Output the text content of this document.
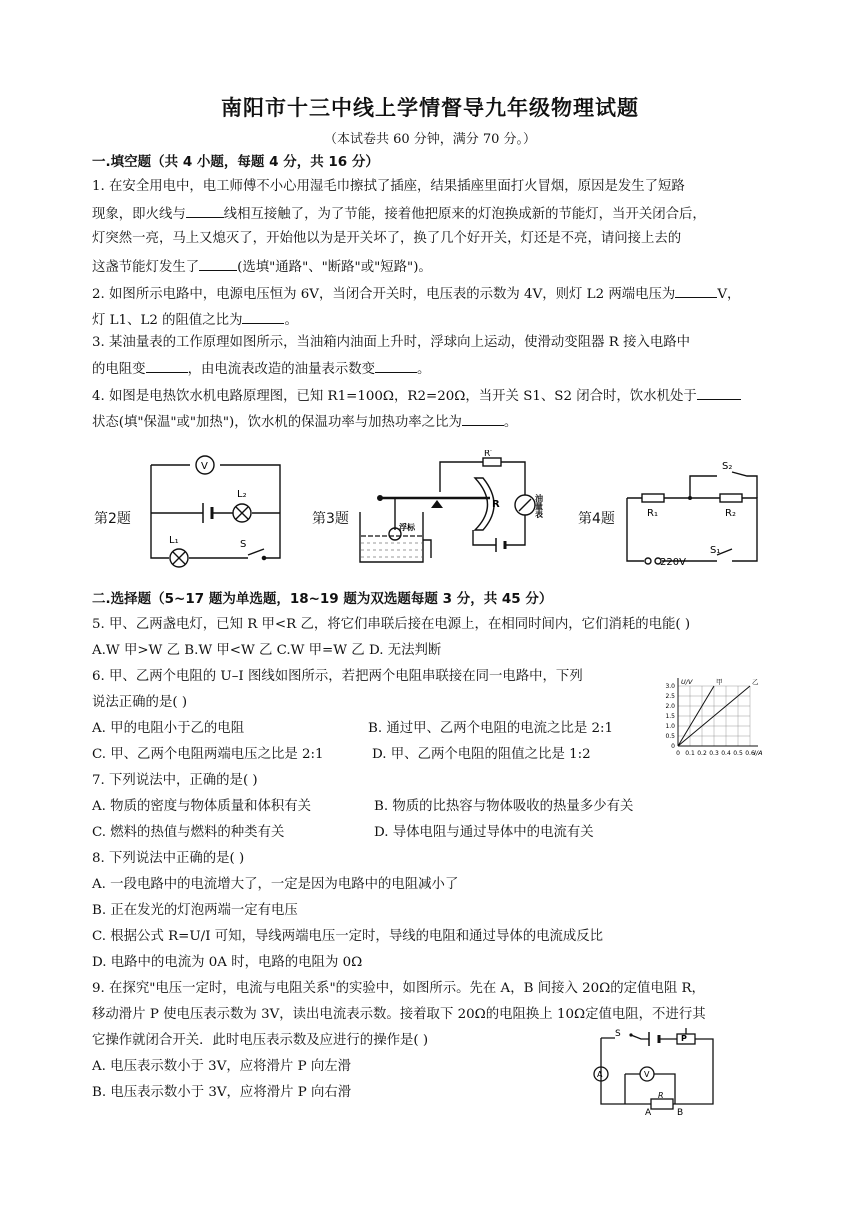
南阳市十三中线上学情督导九年级物理试题
（本试卷共 60 分钟，满分 70 分。）
一.填空题（共 4 小题，每题 4 分，共 16 分）
1. 在安全用电中，电工师傅不小心用湿毛巾擦拭了插座，结果插座里面打火冒烟，原因是发生了短路
现象，即火线与	线相互接触了，为了节能，接着他把原来的灯泡换成新的节能灯，当开关闭合后，
灯突然一亮，马上又熄灭了，开始他以为是开关坏了，换了几个好开关，灯还是不亮，请问接上去的
这盏节能灯发生了	(选填"通路"、"断路"或"短路")。
2. 如图所示电路中，电源电压恒为 6V，当闭合开关时，电压表的示数为 4V，则灯 L2 两端电压为	V，
灯 L1、L2 的阻值之比为	。
3. 某油量表的工作原理如图所示，当油箱内油面上升时，浮球向上运动，使滑动变阻器 R 接入电路中
的电阻变	，由电流表改造的油量表示数变	。
4. 如图是电热饮水机电路原理图，已知 R1=100Ω，R2=20Ω，当开关 S1、S2 闭合时，饮水机处于
状态(填"保温"或"加热")，饮水机的保温功率与加热功率之比为	。
第2题
V
L₂
L₁	S
第3题
R′
R
浮标
油量表
第4题
S₂
R₁	R₂
S₁
220V
二.选择题（5~17 题为单选题，18~19 题为双选题每题 3 分，共 45 分）
5. 甲、乙两盏电灯，已知 R 甲<R 乙，将它们串联后接在电源上，在相同时间内，它们消耗的电能( )
A.W 甲>W 乙 B.W 甲<W 乙 C.W 甲=W 乙 D. 无法判断
6. 甲、乙两个电阻的 U–I 图线如图所示，若把两个电阻串联接在同一电路中，下列
说法正确的是( )
A. 甲的电阻小于乙的电阻	B. 通过甲、乙两个电阻的电流之比是 2:1
C. 甲、乙两个电阻两端电压之比是 2:1	D. 甲、乙两个电阻的阻值之比是 1:2	0 0.1 0.2 0.3 0.4 0.5 0.6
0
0.5
1.0
1.5
2.0
2.5
3.0
I/A
U/V	甲	乙
7. 下列说法中，正确的是( )
A. 物质的密度与物体质量和体积有关	B. 物质的比热容与物体吸收的热量多少有关
C. 燃料的热值与燃料的种类有关	D. 导体电阻与通过导体中的电流有关
8. 下列说法中正确的是( )
A. 一段电路中的电流增大了，一定是因为电路中的电阻减小了
B. 正在发光的灯泡两端一定有电压
C. 根据公式 R=U/I 可知，导线两端电压一定时，导线的电阻和通过导体的电流成反比
D. 电路中的电流为 0A 时，电路的电阻为 0Ω
9. 在探究"电压一定时，电流与电阻关系"的实验中，如图所示。先在 A，B 间接入 20Ω的定值电阻 R，
移动滑片 P 使电压表示数为 3V，读出电流表示数。接着取下 20Ω的电阻换上 10Ω定值电阻，不进行其
它操作就闭合开关．此时电压表示数及应进行的操作是( )
A. 电压表示数小于 3V，应将滑片 P 向左滑
B. 电压表示数小于 3V，应将滑片 P 向右滑
S	P
A	V
R
A	B
